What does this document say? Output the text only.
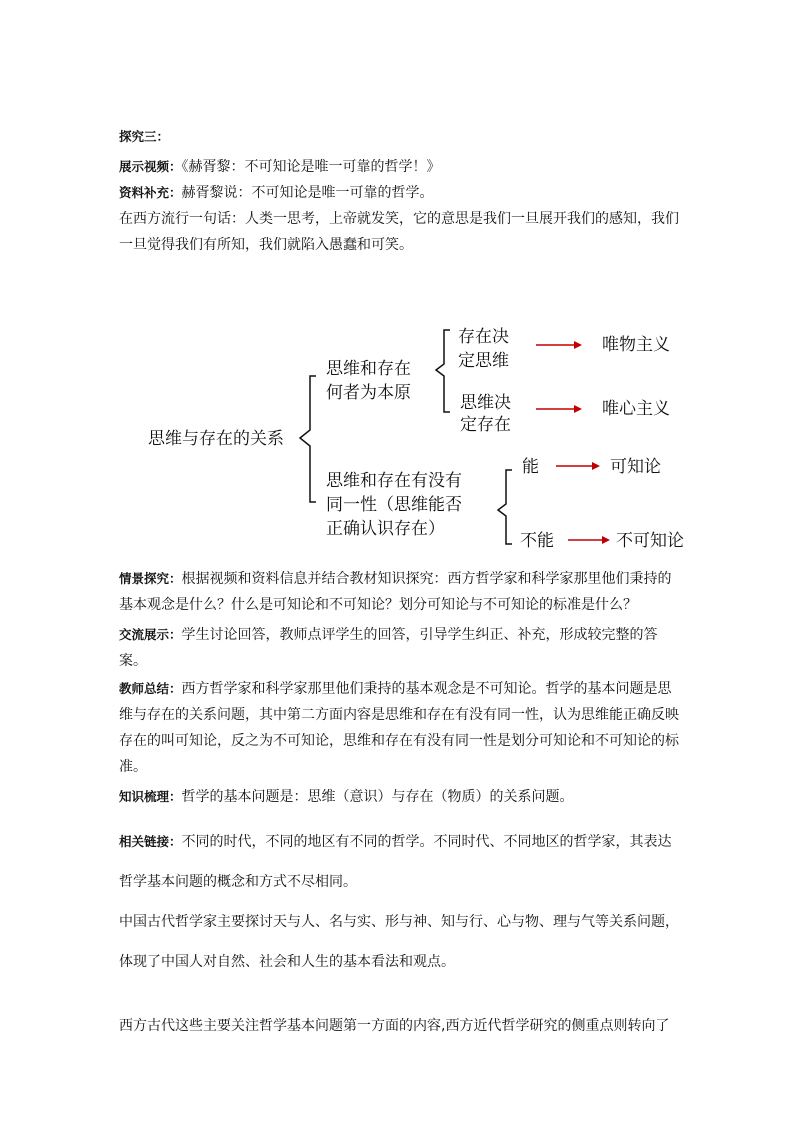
探究三：

展示视频：《赫胥黎：不可知论是唯一可靠的哲学！》

资料补充：赫胥黎说：不可知论是唯一可靠的哲学。

在西方流行一句话：人类一思考，上帝就发笑，它的意思是我们一旦展开我们的感知，我们一旦觉得我们有所知，我们就陷入愚蠢和可笑。

思维与存在的关系
思维和存在
何者为本原
存在决
定思维
唯物主义
思维决
定存在
唯心主义
思维和存在有没有
同一性（思维能否
正确认识存在）
能	可知论
不能	不可知论

情景探究：根据视频和资料信息并结合教材知识探究：西方哲学家和科学家那里他们秉持的基本观念是什么？什么是可知论和不可知论？划分可知论与不可知论的标准是什么？

交流展示：学生讨论回答，教师点评学生的回答，引导学生纠正、补充，形成较完整的答案。

教师总结：西方哲学家和科学家那里他们秉持的基本观念是不可知论。哲学的基本问题是思维与存在的关系问题，其中第二方面内容是思维和存在有没有同一性，认为思维能正确反映存在的叫可知论，反之为不可知论，思维和存在有没有同一性是划分可知论和不可知论的标准。

知识梳理：哲学的基本问题是：思维（意识）与存在（物质）的关系问题。

相关链接：不同的时代，不同的地区有不同的哲学。不同时代、不同地区的哲学家，其表达

哲学基本问题的概念和方式不尽相同。

中国古代哲学家主要探讨天与人、名与实、形与神、知与行、心与物、理与气等关系问题，

体现了中国人对自然、社会和人生的基本看法和观点。

西方古代这些主要关注哲学基本问题第一方面的内容,西方近代哲学研究的侧重点则转向了
